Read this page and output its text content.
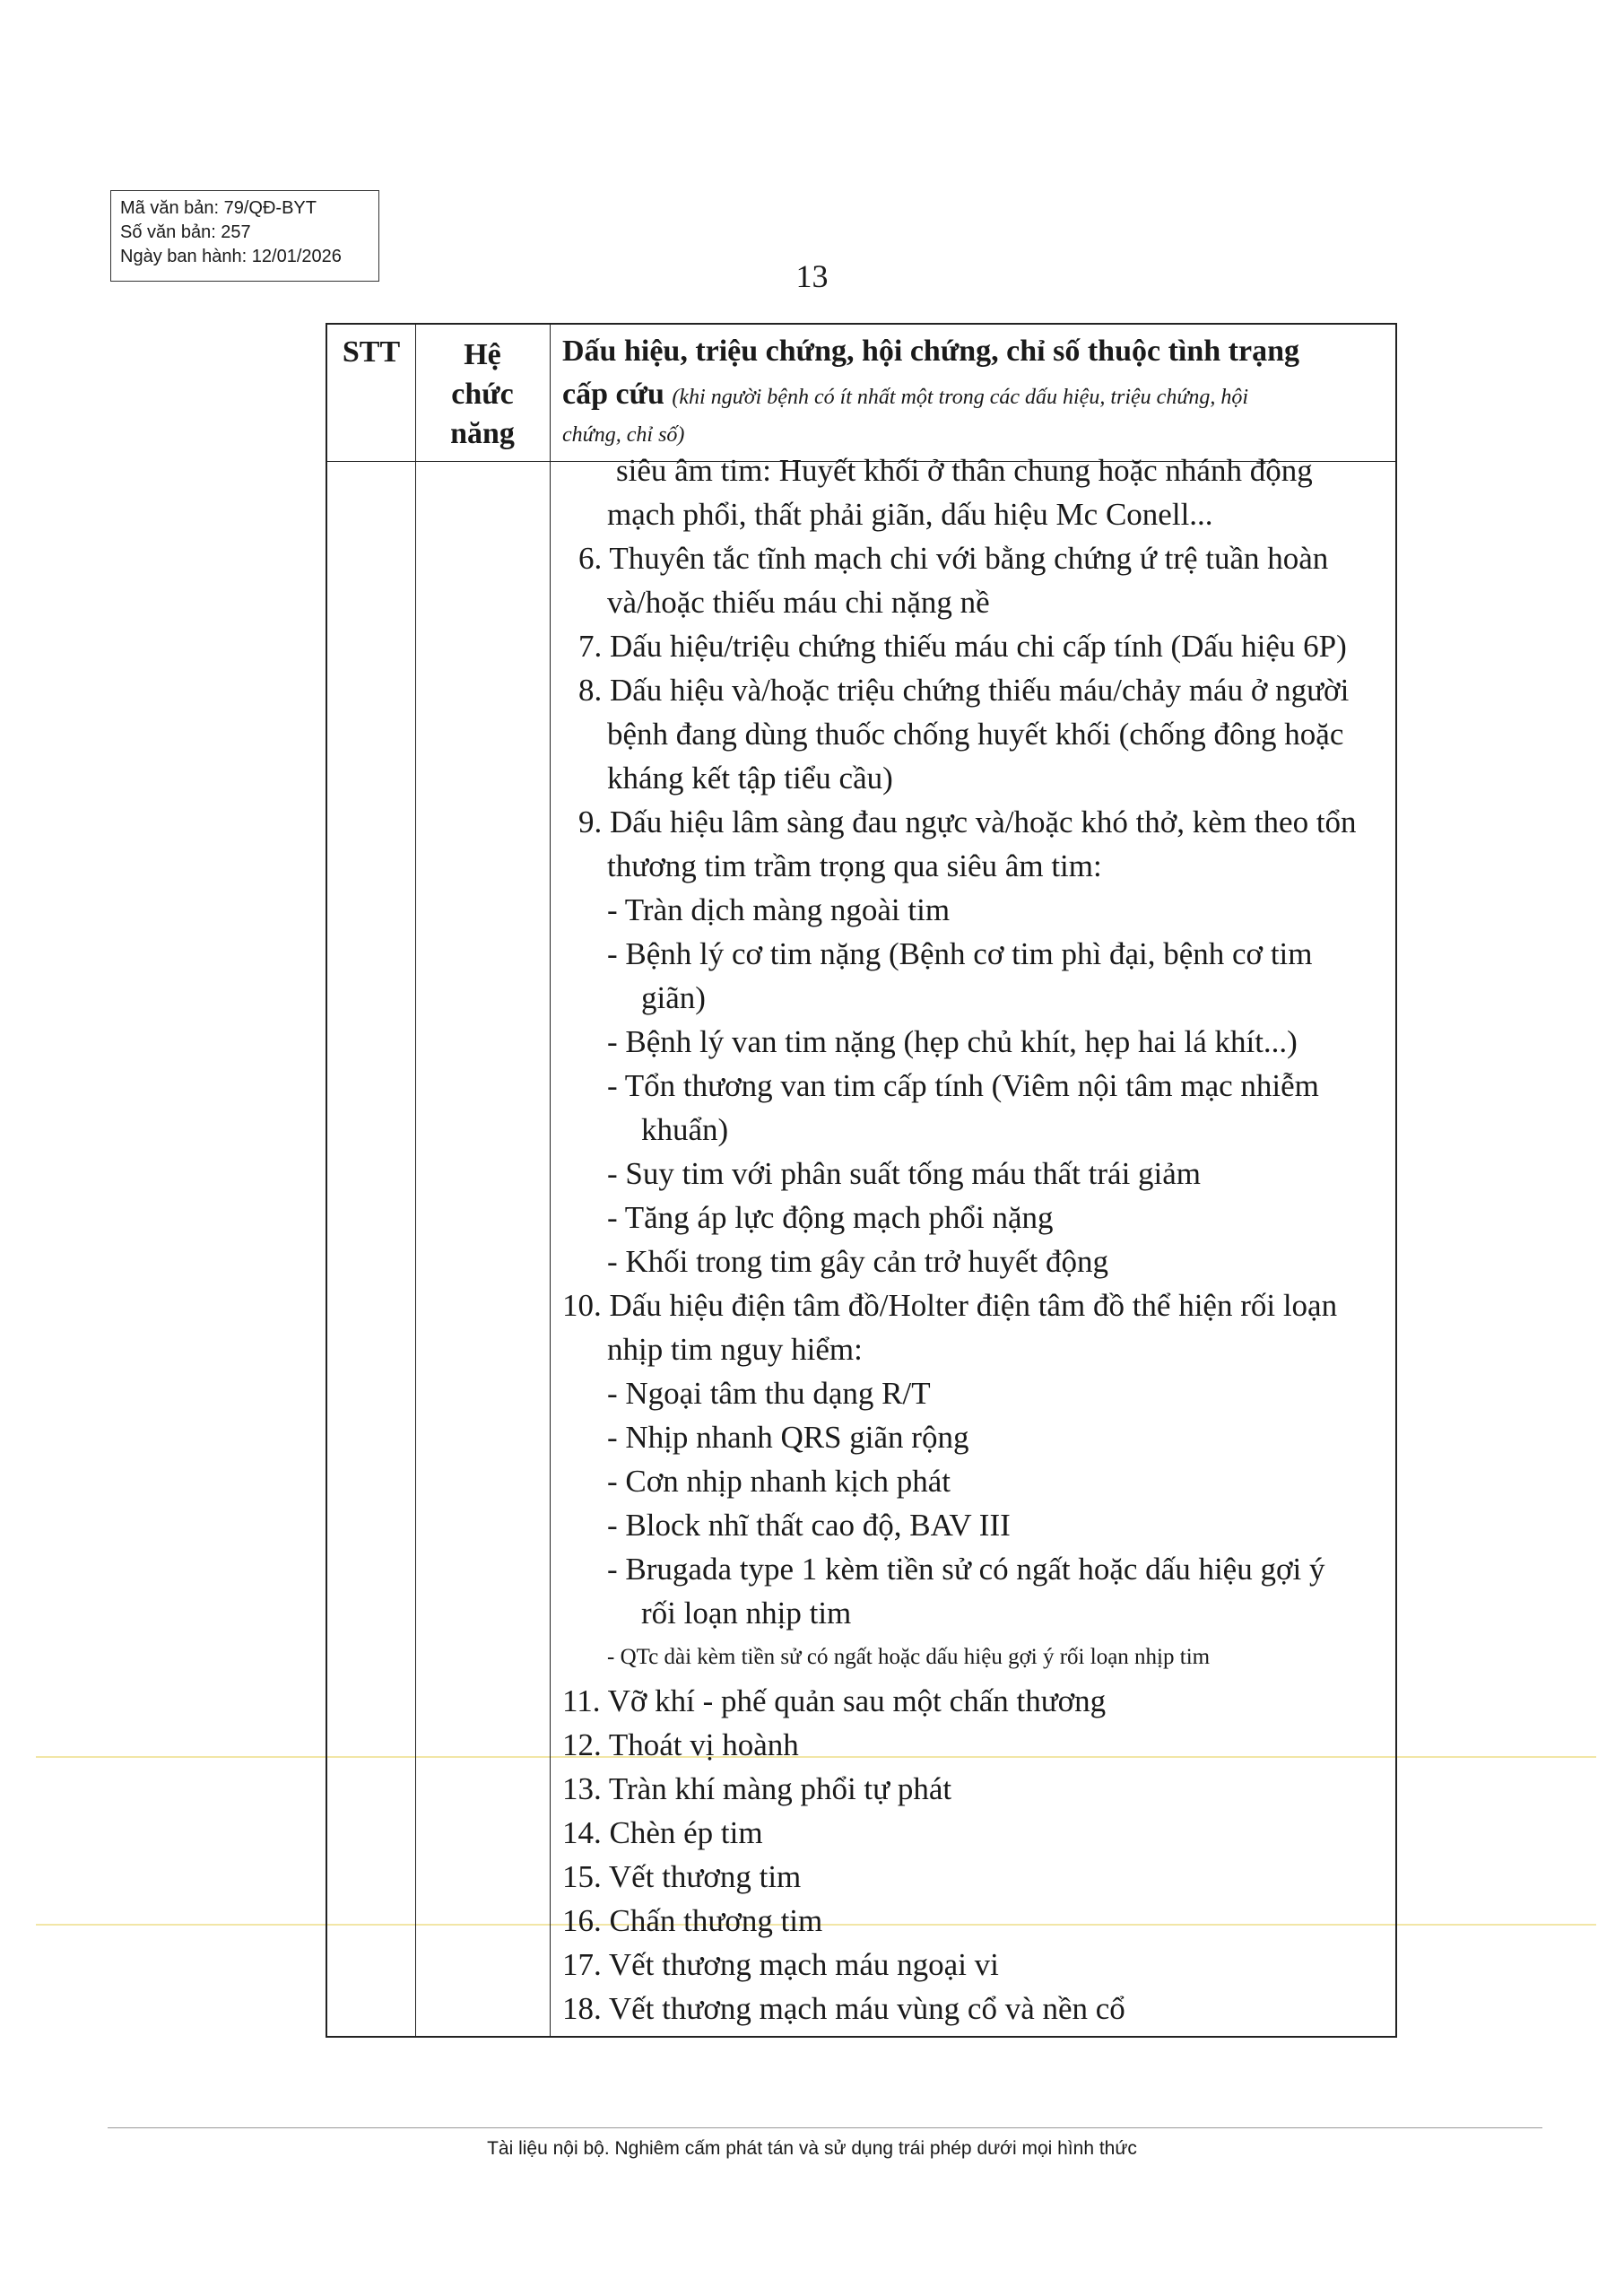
Mã văn bản: 79/QĐ-BYT
Số văn bản: 257
Ngày ban hành: 12/01/2026
13
STT	Hệ
chức
năng
Dấu hiệu, triệu chứng, hội chứng, chỉ số thuộc tình trạng
cấp cứu (khi người bệnh có ít nhất một trong các dấu hiệu, triệu chứng, hội
chứng, chỉ số)
siêu âm tim: Huyết khối ở thân chung hoặc nhánh động
mạch phổi, thất phải giãn, dấu hiệu Mc Conell...
6. Thuyên tắc tĩnh mạch chi với bằng chứng ứ trệ tuần hoàn
và/hoặc thiếu máu chi nặng nề
7. Dấu hiệu/triệu chứng thiếu máu chi cấp tính (Dấu hiệu 6P)
8. Dấu hiệu và/hoặc triệu chứng thiếu máu/chảy máu ở người
bệnh đang dùng thuốc chống huyết khối (chống đông hoặc
kháng kết tập tiểu cầu)
9. Dấu hiệu lâm sàng đau ngực và/hoặc khó thở, kèm theo tổn
thương tim trầm trọng qua siêu âm tim:
- Tràn dịch màng ngoài tim
- Bệnh lý cơ tim nặng (Bệnh cơ tim phì đại, bệnh cơ tim
giãn)
- Bệnh lý van tim nặng (hẹp chủ khít, hẹp hai lá khít...)
- Tổn thương van tim cấp tính (Viêm nội tâm mạc nhiễm
khuẩn)
- Suy tim với phân suất tống máu thất trái giảm
- Tăng áp lực động mạch phổi nặng
- Khối trong tim gây cản trở huyết động
10. Dấu hiệu điện tâm đồ/Holter điện tâm đồ thể hiện rối loạn
nhịp tim nguy hiểm:
- Ngoại tâm thu dạng R/T
- Nhịp nhanh QRS giãn rộng
- Cơn nhịp nhanh kịch phát
- Block nhĩ thất cao độ, BAV III
- Brugada type 1 kèm tiền sử có ngất hoặc dấu hiệu gợi ý
rối loạn nhịp tim
- QTc dài kèm tiền sử có ngất hoặc dấu hiệu gợi ý rối loạn nhịp tim
11. Vỡ khí - phế quản sau một chấn thương
12. Thoát vị hoành
13. Tràn khí màng phổi tự phát
14. Chèn ép tim
15. Vết thương tim
16. Chấn thương tim
17. Vết thương mạch máu ngoại vi
18. Vết thương mạch máu vùng cổ và nền cổ
Tài liệu nội bộ. Nghiêm cấm phát tán và sử dụng trái phép dưới mọi hình thức
